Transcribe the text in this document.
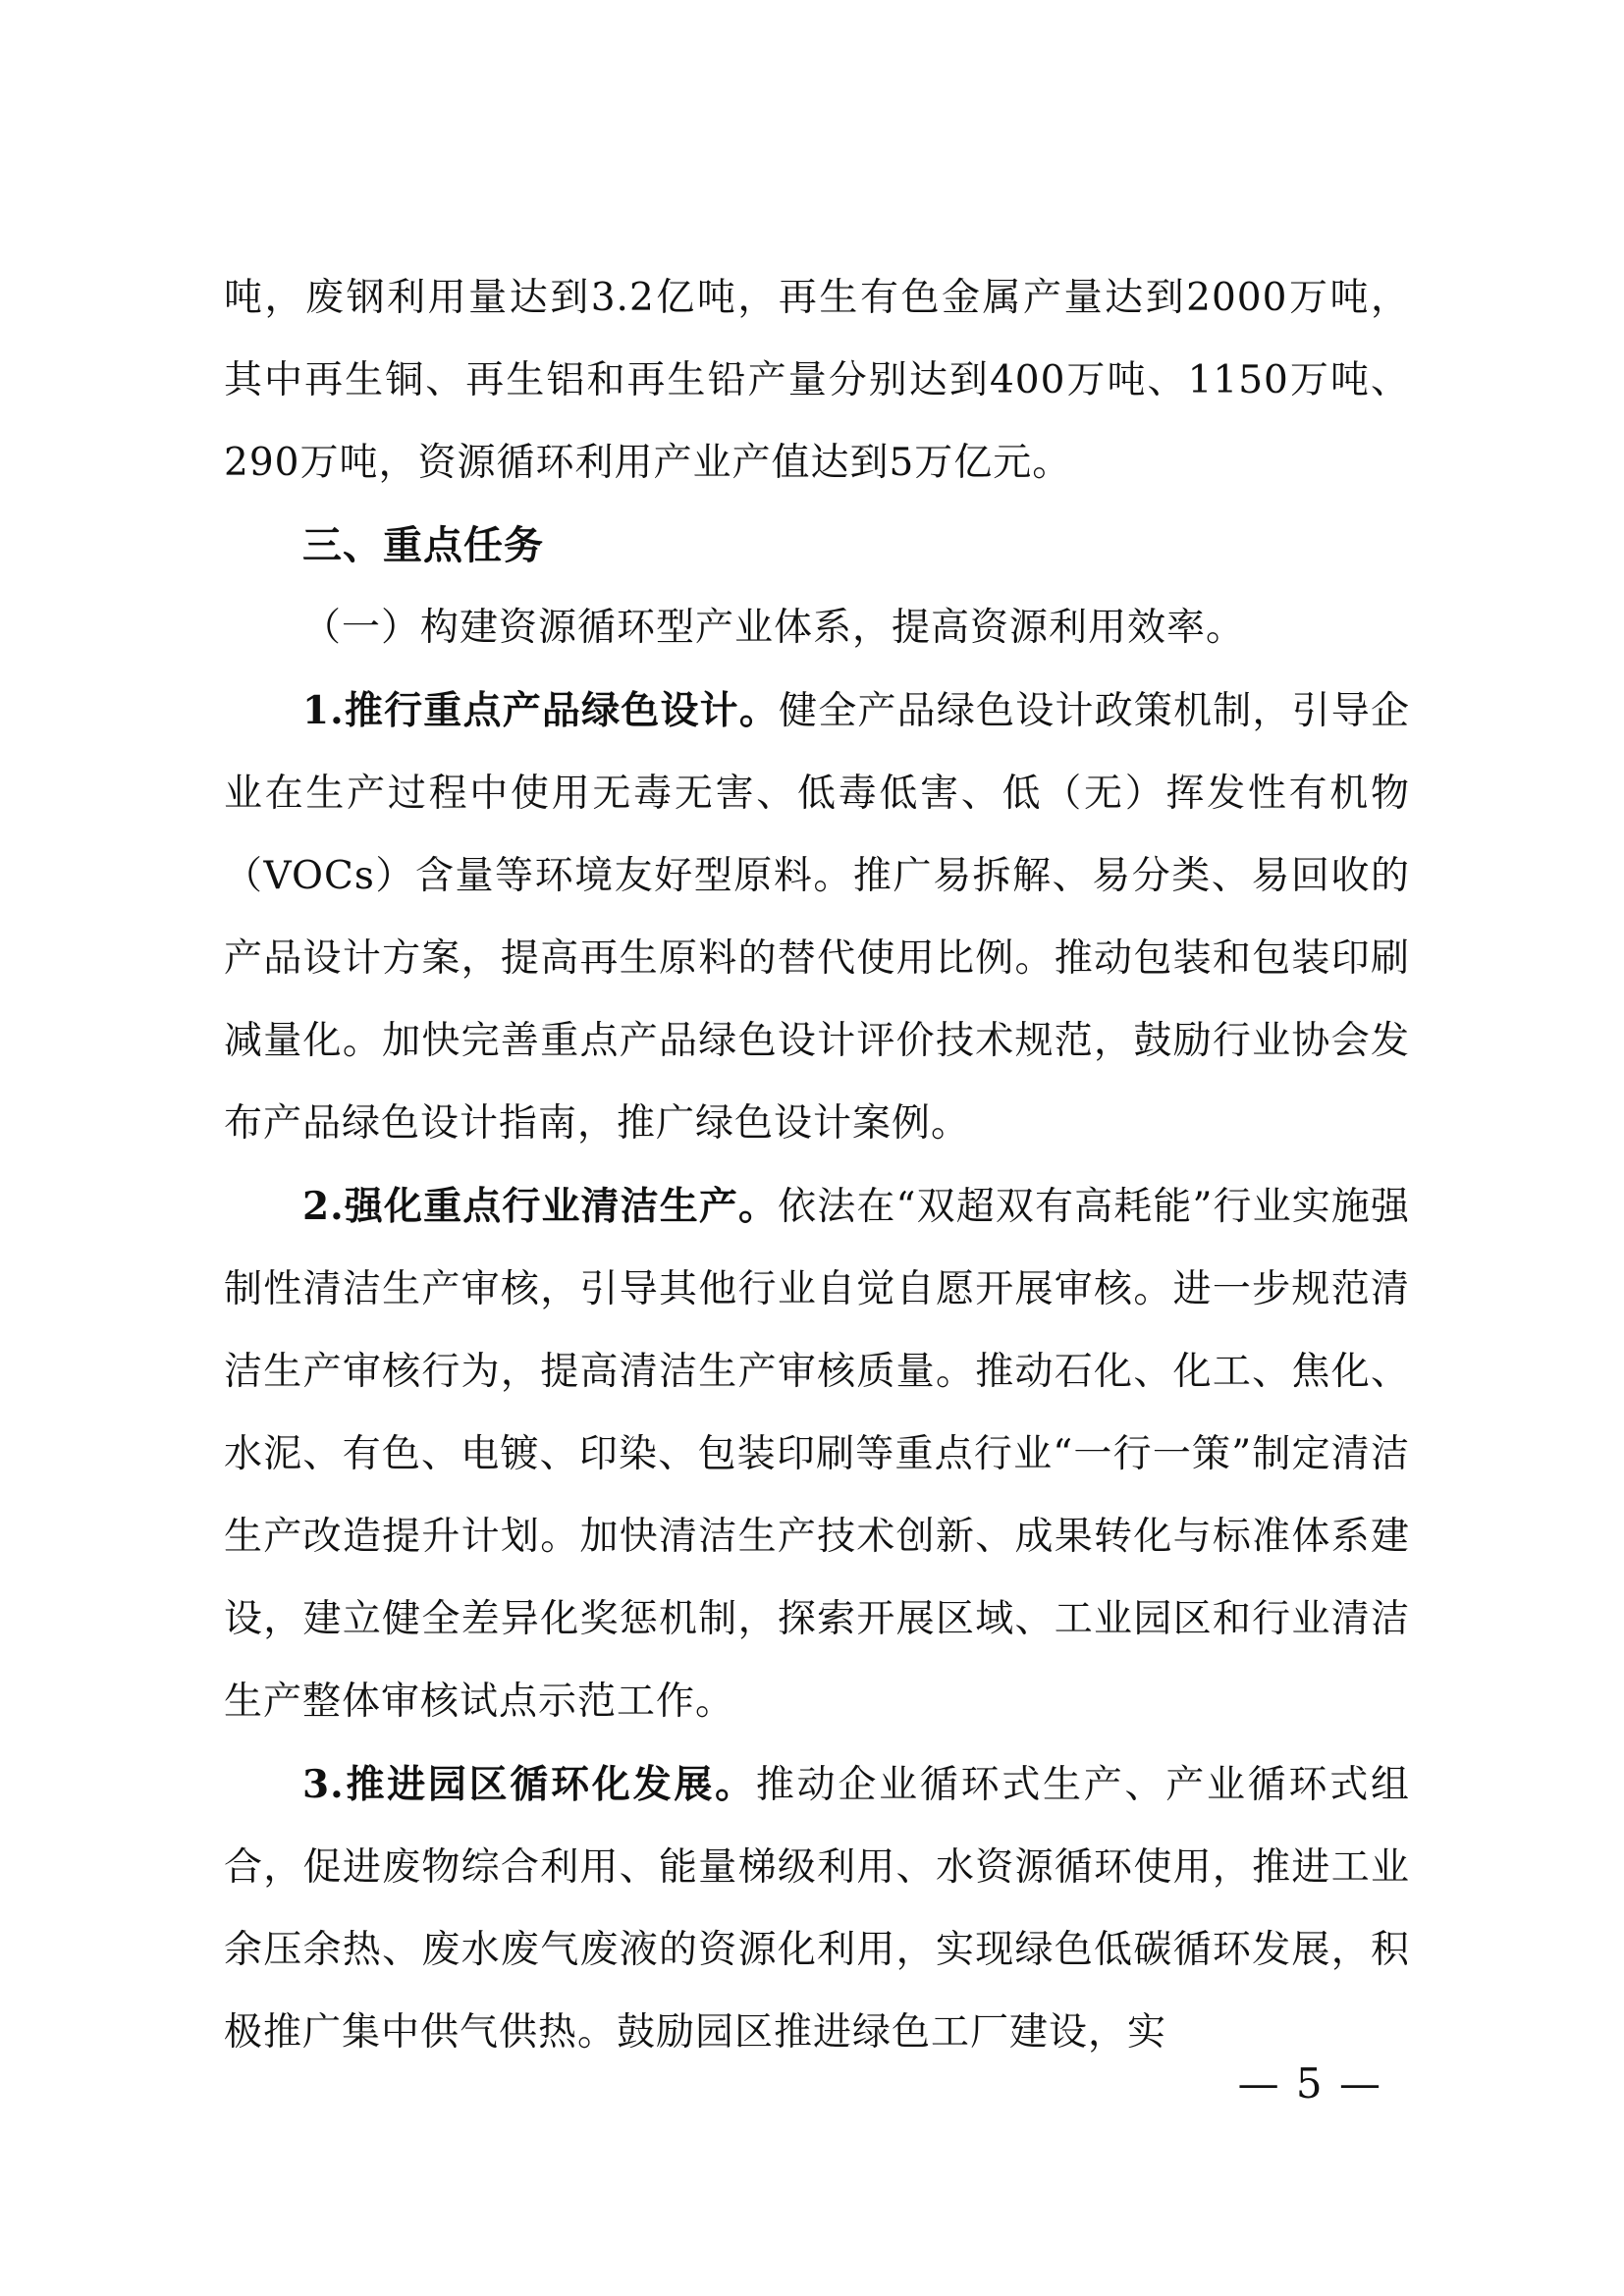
吨，废钢利用量达到3.2亿吨，再生有色金属产量达到2000万吨，其中再生铜、再生铝和再生铅产量分别达到400万吨、1150万吨、290万吨，资源循环利用产业产值达到5万亿元。

三、重点任务

（一）构建资源循环型产业体系，提高资源利用效率。

1.推行重点产品绿色设计。健全产品绿色设计政策机制，引导企业在生产过程中使用无毒无害、低毒低害、低（无）挥发性有机物（VOCs）含量等环境友好型原料。推广易拆解、易分类、易回收的产品设计方案，提高再生原料的替代使用比例。推动包装和包装印刷减量化。加快完善重点产品绿色设计评价技术规范，鼓励行业协会发布产品绿色设计指南，推广绿色设计案例。

2.强化重点行业清洁生产。依法在“双超双有高耗能”行业实施强制性清洁生产审核，引导其他行业自觉自愿开展审核。进一步规范清洁生产审核行为，提高清洁生产审核质量。推动石化、化工、焦化、水泥、有色、电镀、印染、包装印刷等重点行业“一行一策”制定清洁生产改造提升计划。加快清洁生产技术创新、成果转化与标准体系建设，建立健全差异化奖惩机制，探索开展区域、工业园区和行业清洁生产整体审核试点示范工作。

3.推进园区循环化发展。推动企业循环式生产、产业循环式组合，促进废物综合利用、能量梯级利用、水资源循环使用，推进工业余压余热、废水废气废液的资源化利用，实现绿色低碳循环发展，积极推广集中供气供热。鼓励园区推进绿色工厂建设，实

— 5 —
